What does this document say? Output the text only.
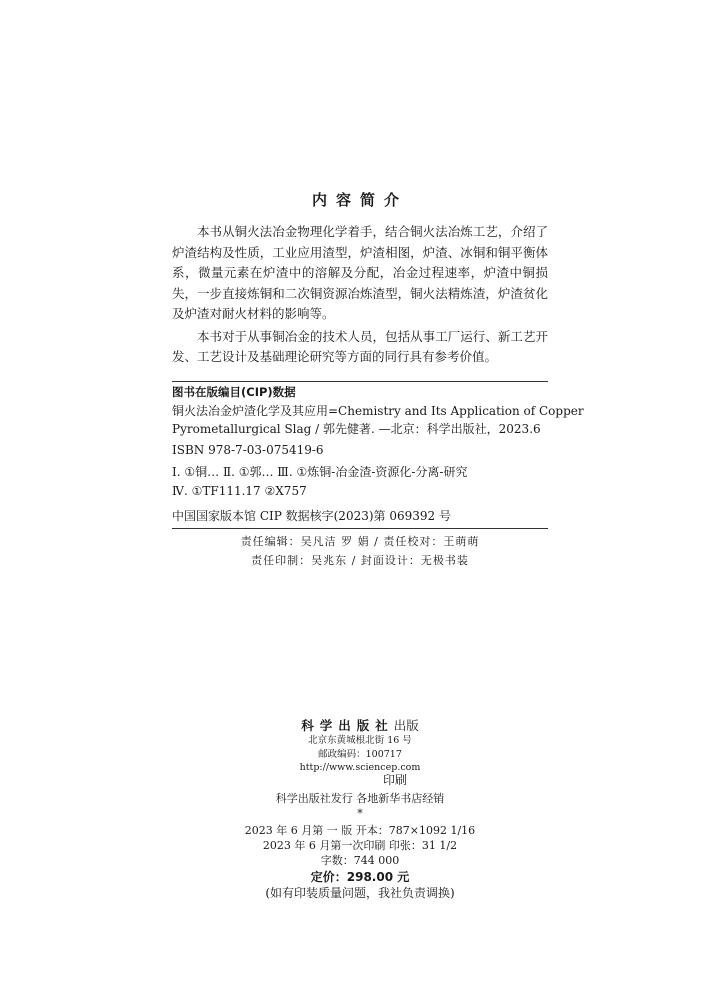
内容简介

本书从铜火法冶金物理化学着手，结合铜火法冶炼工艺，介绍了炉渣结构及性质，工业应用渣型，炉渣相图，炉渣、冰铜和铜平衡体系，微量元素在炉渣中的溶解及分配，冶金过程速率，炉渣中铜损失，一步直接炼铜和二次铜资源冶炼渣型，铜火法精炼渣，炉渣贫化及炉渣对耐火材料的影响等。

本书对于从事铜冶金的技术人员，包括从事工厂运行、新工艺开发、工艺设计及基础理论研究等方面的同行具有参考价值。

图书在版编目(CIP)数据
铜火法冶金炉渣化学及其应用=Chemistry and Its Application of Copper
Pyrometallurgical Slag / 郭先健著. —北京：科学出版社，2023.6
ISBN 978-7-03-075419-6
Ⅰ. ①铜… Ⅱ. ①郭… Ⅲ. ①炼铜-冶金渣-资源化-分离-研究
Ⅳ. ①TF111.17 ②X757
中国国家版本馆 CIP 数据核字(2023)第 069392 号
责任编辑：吴凡洁 罗 娟 / 责任校对：王萌萌
责任印制：吴兆东 / 封面设计：无极书装
科学出版社出版
北京东黄城根北街 16 号
邮政编码：100717
http://www.sciencep.com
印刷
科学出版社发行 各地新华书店经销
*
2023 年 6 月第 一 版 开本：787×1092 1/16
2023 年 6 月第一次印刷 印张：31 1/2
字数：744 000
定价：298.00 元
(如有印装质量问题，我社负责调换)
